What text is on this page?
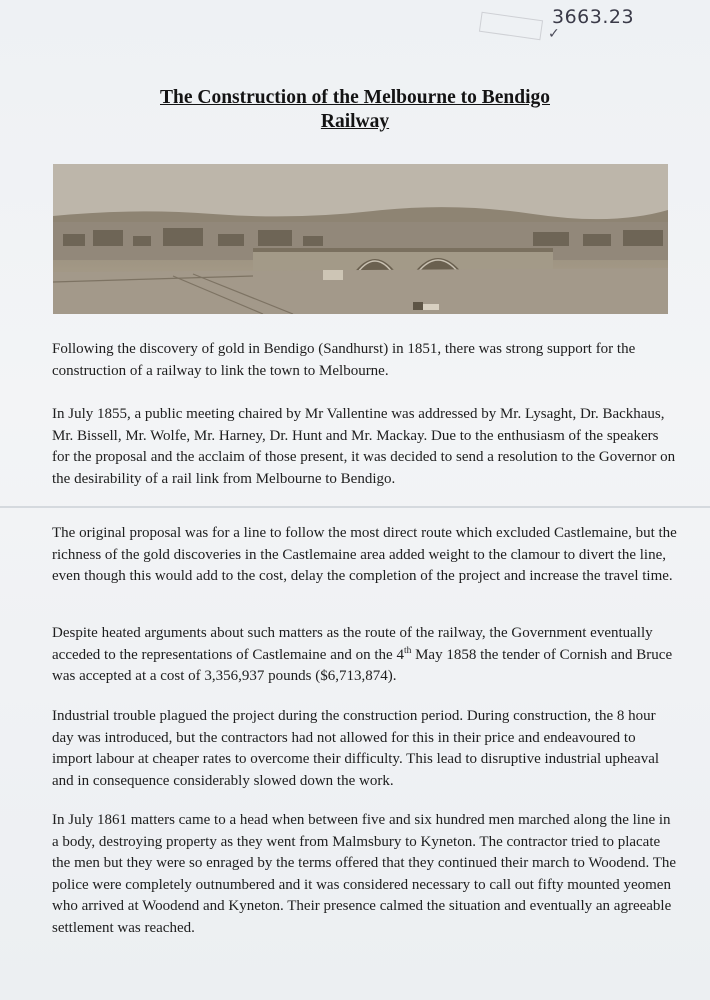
3663.23
✓
The Construction of the Melbourne to Bendigo
Railway

Following the discovery of gold in Bendigo (Sandhurst) in 1851, there was strong support for the construction of a railway to link the town to Melbourne.

In July 1855, a public meeting chaired by Mr Vallentine was addressed by Mr. Lysaght, Dr. Backhaus, Mr. Bissell, Mr. Wolfe, Mr. Harney, Dr. Hunt and Mr. Mackay. Due to the enthusiasm of the speakers for the proposal and the acclaim of those present, it was decided to send a resolution to the Governor on the desirability of a rail link from Melbourne to Bendigo.

The original proposal was for a line to follow the most direct route which excluded Castlemaine, but the richness of the gold discoveries in the Castlemaine area added weight to the clamour to divert the line, even though this would add to the cost, delay the completion of the project and increase the travel time.

Despite heated arguments about such matters as the route of the railway, the Government eventually acceded to the representations of Castlemaine and on the 4th May 1858 the tender of Cornish and Bruce was accepted at a cost of 3,356,937 pounds ($6,713,874).

Industrial trouble plagued the project during the construction period. During construction, the 8 hour day was introduced, but the contractors had not allowed for this in their price and endeavoured to import labour at cheaper rates to overcome their difficulty. This lead to disruptive industrial upheaval and in consequence considerably slowed down the work.

In July 1861 matters came to a head when between five and six hundred men marched along the line in a body, destroying property as they went from Malmsbury to Kyneton. The contractor tried to placate the men but they were so enraged by the terms offered that they continued their march to Woodend. The police were completely outnumbered and it was considered necessary to call out fifty mounted yeomen who arrived at Woodend and Kyneton. Their presence calmed the situation and eventually an agreeable settlement was reached.
